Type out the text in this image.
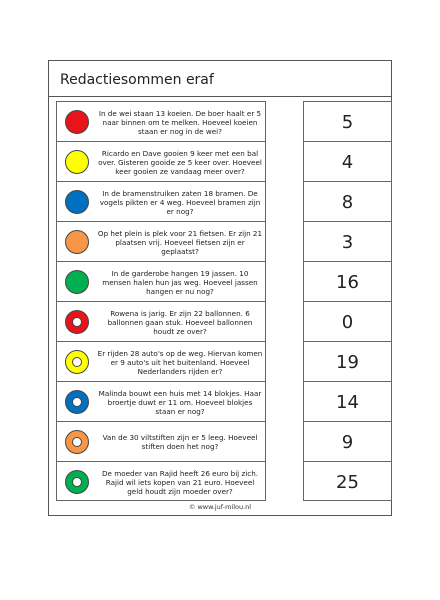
Redactiesommen eraf
In de wei staan 13 koeien. De boer haalt er 5 naar binnen om te melken. Hoeveel koeien staan er nog in de wei?
Ricardo en Dave gooien 9 keer met een bal over. Gisteren gooide ze 5 keer over. Hoeveel keer gooien ze vandaag meer over?
In de bramenstruiken zaten 18 bramen. De vogels pikten er 4 weg. Hoeveel bramen zijn er nog?
Op het plein is plek voor 21 fietsen. Er zijn 21 plaatsen vrij. Hoeveel fietsen zijn er geplaatst?
In de garderobe hangen 19 jassen. 10 mensen halen hun jas weg. Hoeveel jassen hangen er nu nog?
Rowena is jarig. Er zijn 22 ballonnen. 6 ballonnen gaan stuk. Hoeveel ballonnen houdt ze over?
Er rijden 28 auto's op de weg. Hiervan komen er 9 auto's uit het buitenland. Hoeveel Nederlanders rijden er?
Malinda bouwt een huis met 14 blokjes. Haar broertje duwt er 11 om. Hoeveel blokjes staan er nog?
Van de 30 viltstiften zijn er 5 leeg. Hoeveel stiften doen het nog?
De moeder van Rajid heeft 26 euro bij zich. Rajid wil iets kopen van 21 euro. Hoeveel geld houdt zijn moeder over?
5
4
8
3
16
0
19
14
9
25
© www.juf-milou.nl
